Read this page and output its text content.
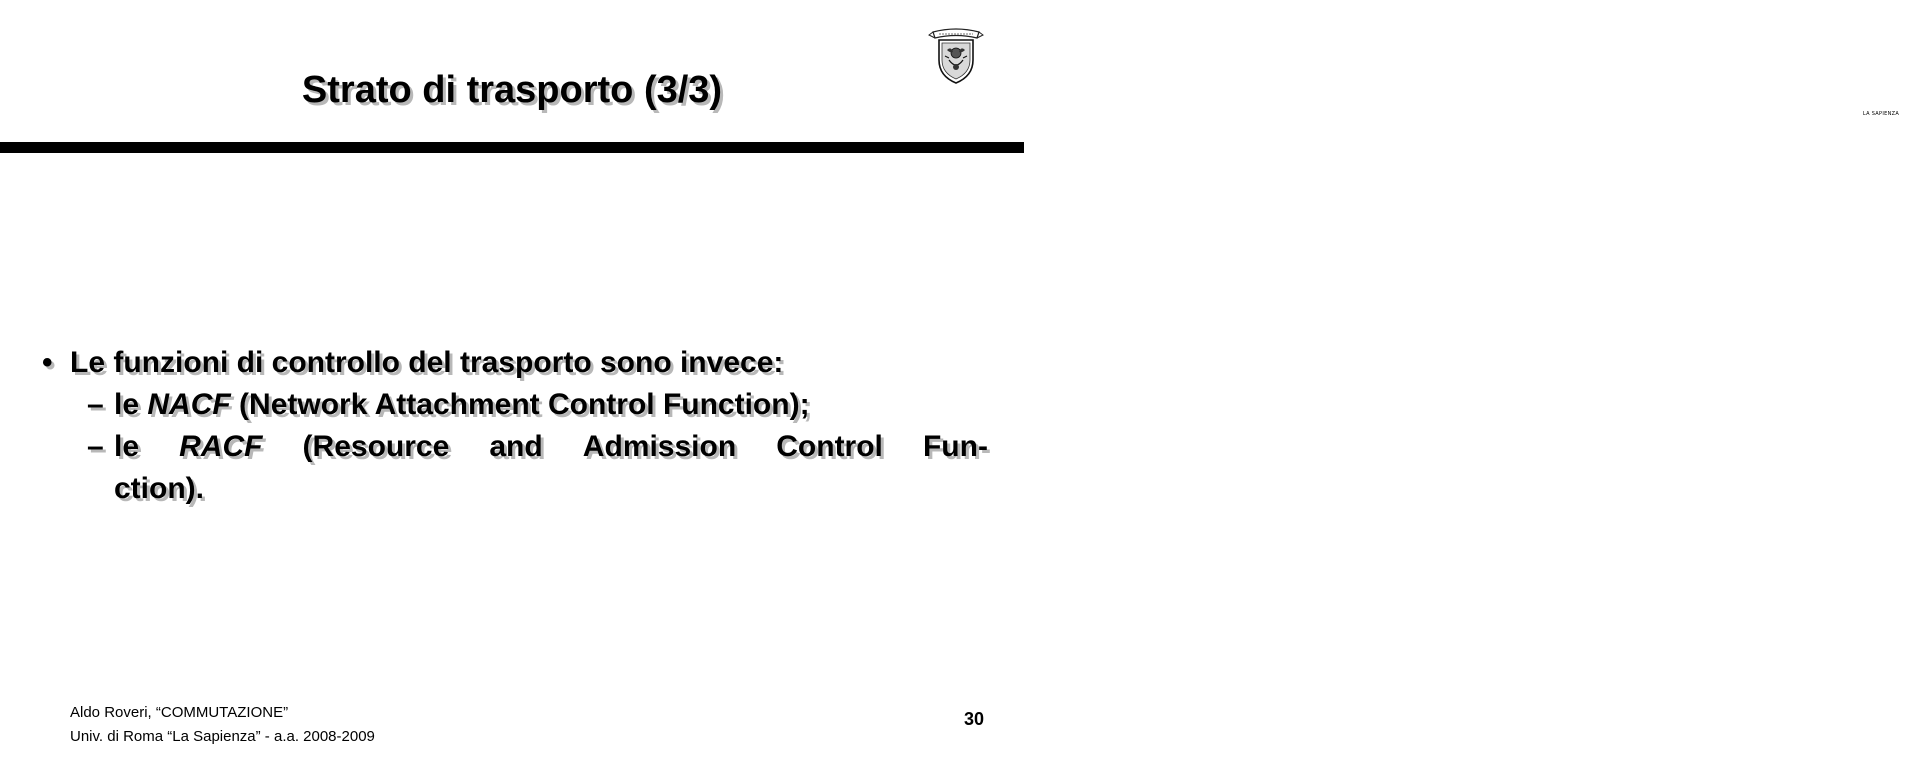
Strato di trasporto (3/3)
LA SAPIENZA
• Le funzioni di controllo del trasporto sono invece:
– le NACF (Network Attachment Control Function);
– le RACF (Resource and Admission Control Fun-
ction).
Aldo Roveri, “COMMUTAZIONE”
Univ. di Roma “La Sapienza” - a.a. 2008-2009
30
